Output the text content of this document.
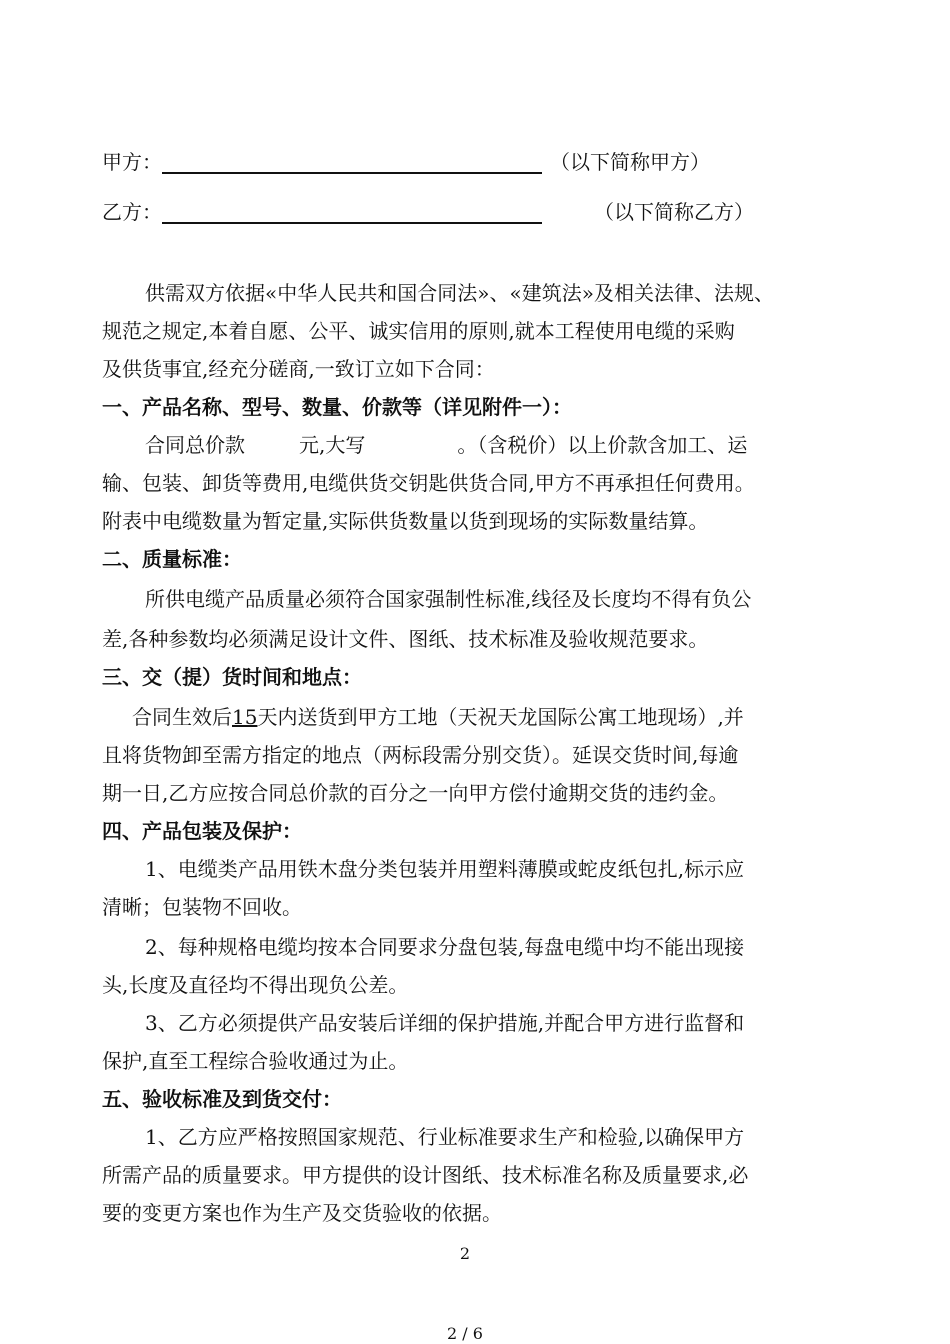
甲方：	（以下简称甲方）
乙方：	（以下简称乙方）
供需双方依据«中华人民共和国合同法»、«建筑法»及相关法律、法规、
规范之规定,本着自愿、公平、诚实信用的原则,就本工程使用电缆的采购
及供货事宜,经充分磋商,一致订立如下合同：
一、产品名称、型号、数量、价款等（详见附件一）：
合同总价款	元,大写	。（含税价）以上价款含加工、运
输、包装、卸货等费用,电缆供货交钥匙供货合同,甲方不再承担任何费用。
附表中电缆数量为暂定量,实际供货数量以货到现场的实际数量结算。
二、质量标准：
所供电缆产品质量必须符合国家强制性标准,线径及长度均不得有负公
差,各种参数均必须满足设计文件、图纸、技术标准及验收规范要求。
三、交（提）货时间和地点：
合同生效后15天内送货到甲方工地（天祝天龙国际公寓工地现场）,并
且将货物卸至需方指定的地点（两标段需分别交货）。延误交货时间,每逾
期一日,乙方应按合同总价款的百分之一向甲方偿付逾期交货的违约金。
四、产品包装及保护：
1、电缆类产品用铁木盘分类包装并用塑料薄膜或蛇皮纸包扎,标示应
清晰；包装物不回收。
2、每种规格电缆均按本合同要求分盘包装,每盘电缆中均不能出现接
头,长度及直径均不得出现负公差。
3、乙方必须提供产品安装后详细的保护措施,并配合甲方进行监督和
保护,直至工程综合验收通过为止。
五、验收标准及到货交付：
1、乙方应严格按照国家规范、行业标准要求生产和检验,以确保甲方
所需产品的质量要求。甲方提供的设计图纸、技术标准名称及质量要求,必
要的变更方案也作为生产及交货验收的依据。
2
2 / 6
